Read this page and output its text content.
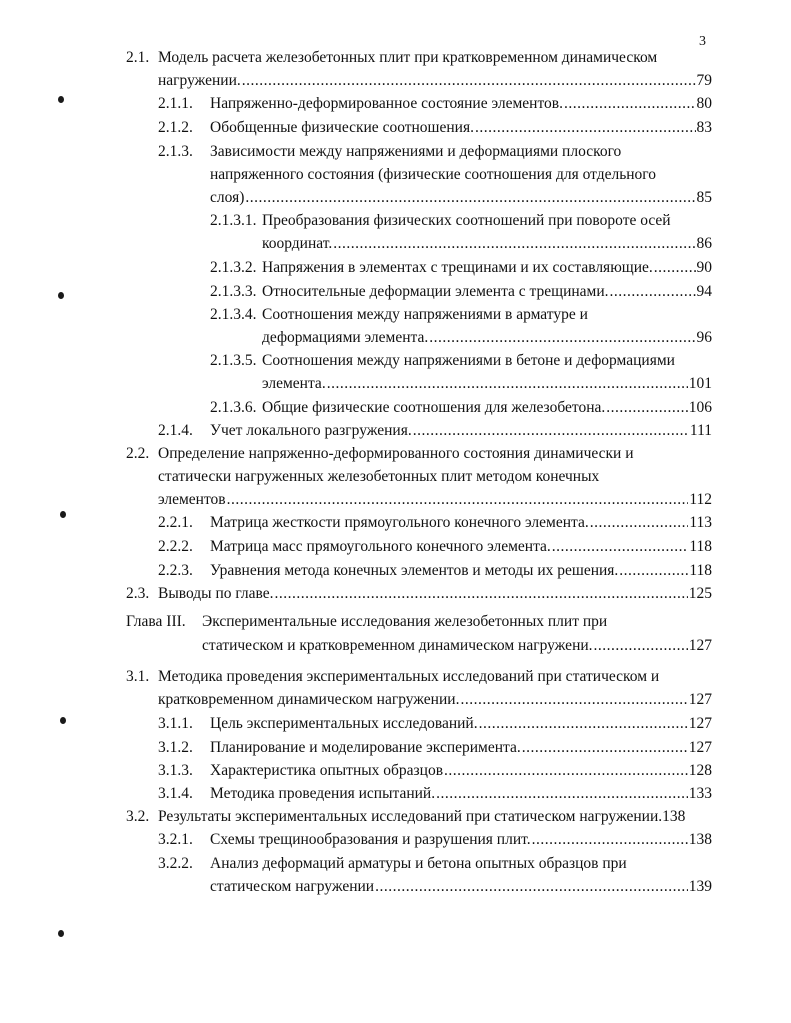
3
2.1. Модель расчета железобетонных плит при кратковременном динамическом
нагружении. .....	79
2.1.1.	Напряженно-деформированное состояние элементов. .....	80
2.1.2.	Обобщенные физические соотношения. .....	83
2.1.3.	Зависимости между напряжениями и деформациями плоского
напряженного состояния (физические соотношения для отдельного
слоя) .....	85
2.1.3.1. Преобразования физических соотношений при повороте осей
координат. .....	86
2.1.3.2. Напряжения в элементах с трещинами и их составляющие. .....	90
2.1.3.3. Относительные деформации элемента с трещинами. .....	94
2.1.3.4. Соотношения между напряжениями в арматуре и
деформациями элемента. .....	96
2.1.3.5. Соотношения между напряжениями в бетоне и деформациями
элемента. .....	101
2.1.3.6. Общие физические соотношения для железобетона. .....	106
2.1.4.	Учет локального разгружения. .....	111
2.2. Определение напряженно-деформированного состояния динамически и
статически нагруженных железобетонных плит методом конечных
элементов .....	112
2.2.1.	Матрица жесткости прямоугольного конечного элемента. .....	113
2.2.2.	Матрица масс прямоугольного конечного элемента. .....	118
2.2.3.	Уравнения метода конечных элементов и методы их решения. .....	118
2.3. Выводы по главе. .....	125
Глава III.	Экспериментальные исследования железобетонных плит при
статическом и кратковременном динамическом нагружени. .....	127
3.1. Методика проведения экспериментальных исследований при статическом и
кратковременном динамическом нагружении. .....	127
3.1.1.	Цель экспериментальных исследований. .....	127
3.1.2.	Планирование и моделирование эксперимента. .....	127
3.1.3.	Характеристика опытных образцов .....	128
3.1.4.	Методика проведения испытаний. .....	133
3.2. Результаты экспериментальных исследований при статическом нагружении. 138
3.2.1.	Схемы трещинообразования и разрушения плит. .....	138
3.2.2.	Анализ деформаций арматуры и бетона опытных образцов при
статическом нагружении .....	139
